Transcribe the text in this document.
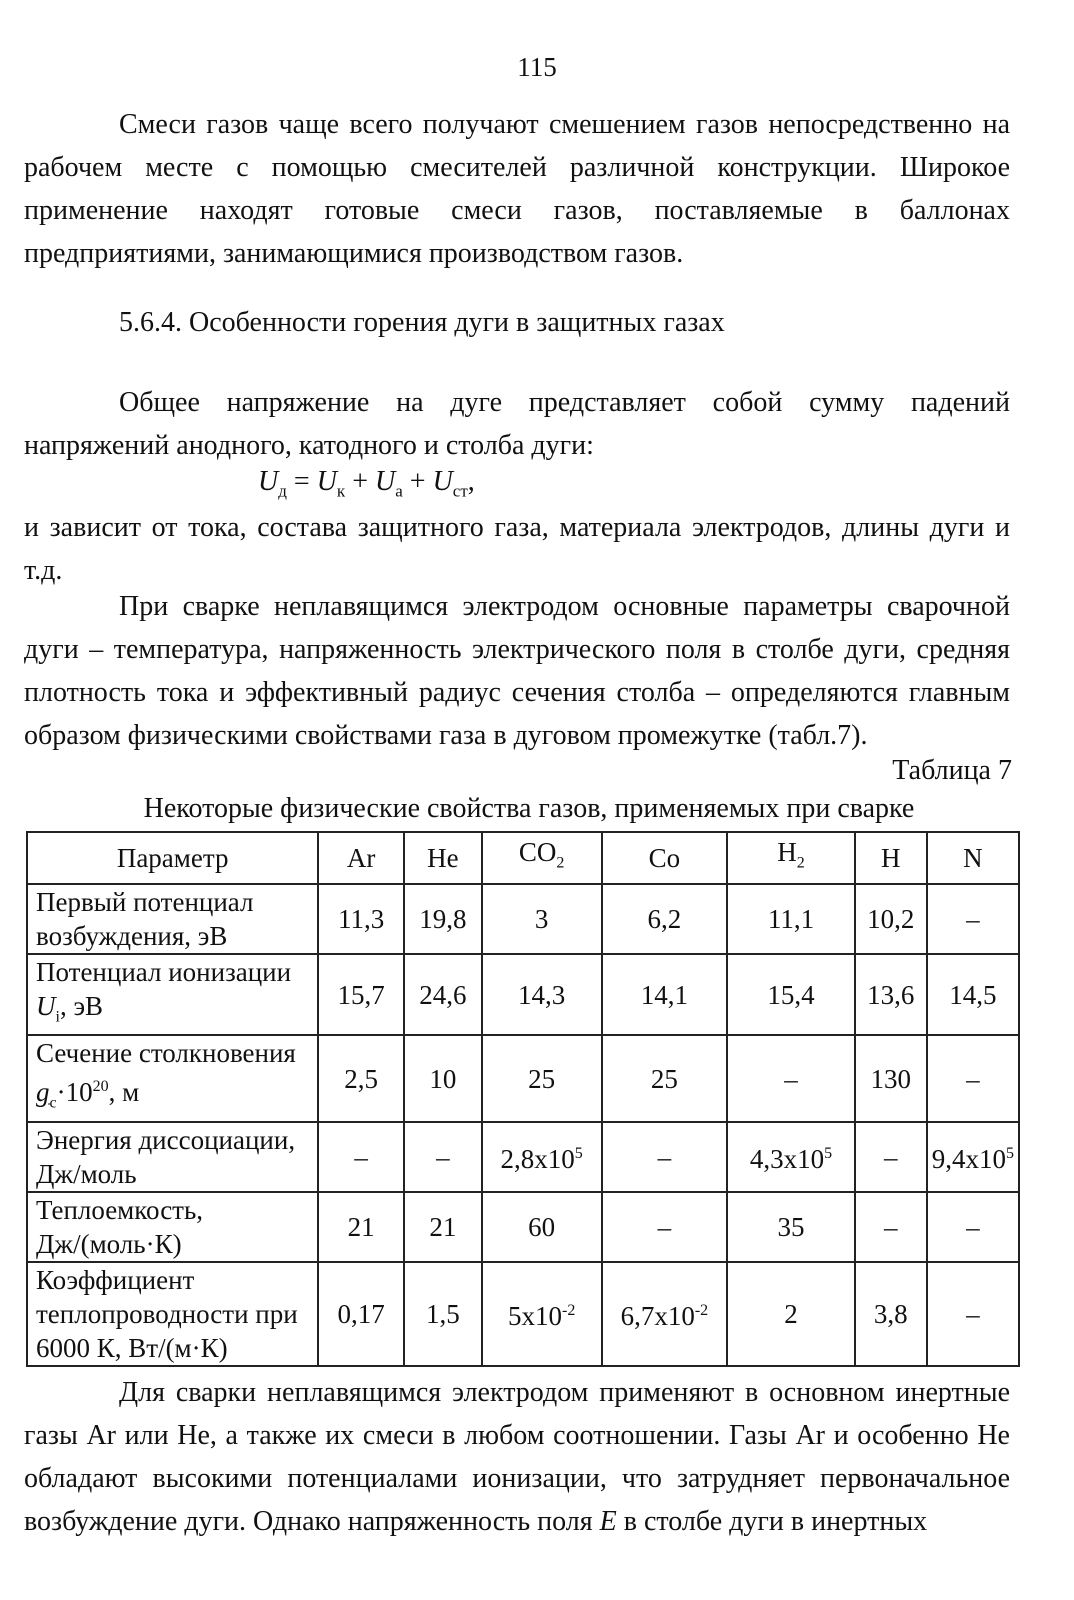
115

Смеси газов чаще всего получают смешением газов непосредственно на рабочем месте с помощью смесителей различной конструкции. Широкое применение находят готовые смеси газов, поставляемые в баллонах предприятиями, занимающимися производством газов.

5.6.4. Особенности горения дуги в защитных газах

Общее напряжение на дуге представляет собой сумму падений напряжений анодного, катодного и столба дуги:

$U_д = U_к + U_а + U_{ст}$,

и зависит от тока, состава защитного газа, материала электродов, длины дуги и т.д.

При сварке неплавящимся электродом основные параметры сварочной дуги – температура, напряженность электрического поля в столбе дуги, средняя плотность тока и эффективный радиус сечения столба – определяются главным образом физическими свойствами газа в дуговом промежутке (табл.7).

Таблица 7
Некоторые физические свойства газов, применяемых при сварке
Параметр	Ar	He	$CO_2$	Co	$H_2$	H	N
Первый потенциал возбуждения, эВ	11,3	19,8	3	6,2	11,1	10,2	–
Потенциал ионизации $U_i$, эВ	15,7	24,6	14,3	14,1	15,4	13,6	14,5
Сечение столкновения $g_c\cdot 10^{20}$, м	2,5	10	25	25	–	130	–
Энергия диссоциации, Дж/моль	–	–	$2,8x10^5$	–	$4,3x10^5$	–	$9,4x10^5$
Теплоемкость, Дж/(моль·К)	21	21	60	–	35	–	–
Коэффициент теплопроводности при 6000 К, Вт/(м·К)	0,17	1,5	$5x10^{-2}$	$6,7x10^{-2}$	2	3,8	–

Для сварки неплавящимся электродом применяют в основном инертные газы Ar или He, а также их смеси в любом соотношении. Газы Ar и особенно He обладают высокими потенциалами ионизации, что затрудняет первоначальное возбуждение дуги. Однако напряженность поля E в столбе дуги в инертных
